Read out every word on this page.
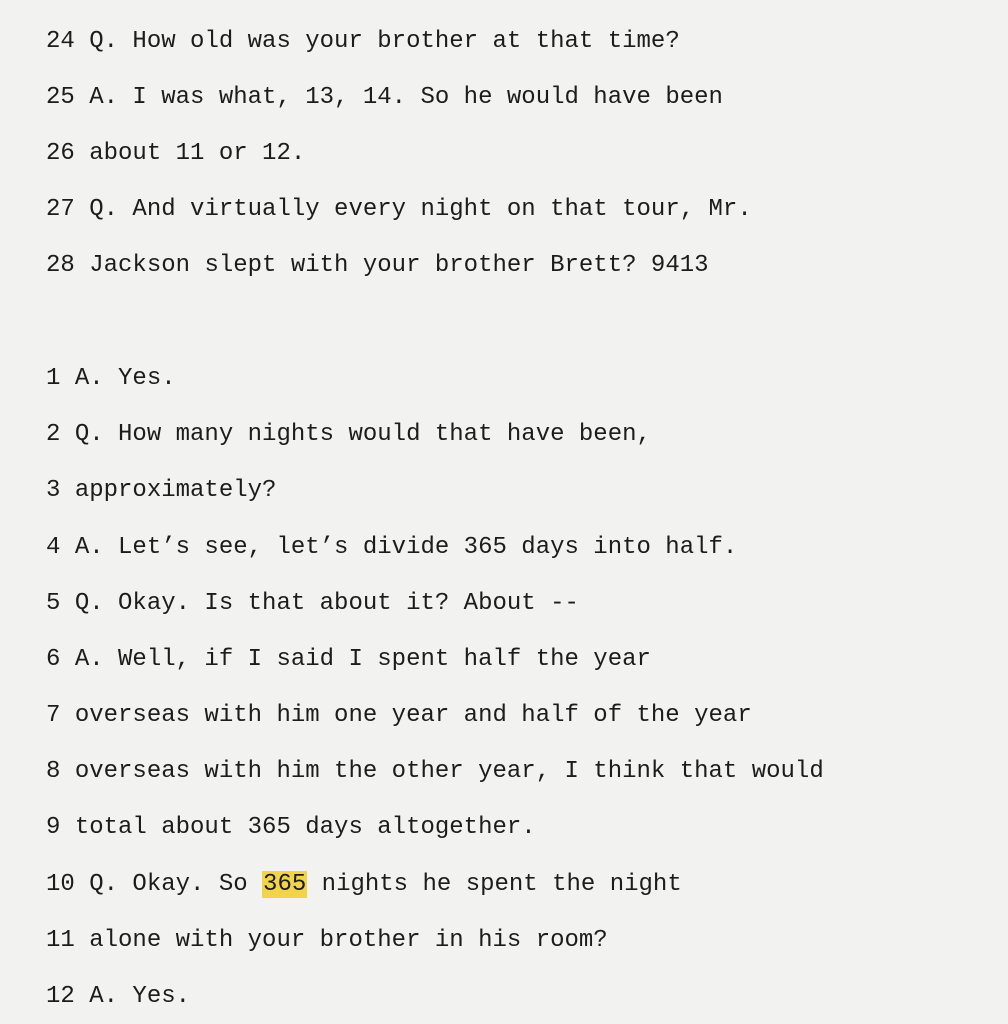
24 Q. How old was your brother at that time?
25 A. I was what, 13, 14. So he would have been
26 about 11 or 12.
27 Q. And virtually every night on that tour, Mr.
28 Jackson slept with your brother Brett? 9413
1 A. Yes.
2 Q. How many nights would that have been,
3 approximately?
4 A. Let’s see, let’s divide 365 days into half.
5 Q. Okay. Is that about it? About --
6 A. Well, if I said I spent half the year
7 overseas with him one year and half of the year
8 overseas with him the other year, I think that would
9 total about 365 days altogether.
10 Q. Okay. So 365 nights he spent the night
11 alone with your brother in his room?
12 A. Yes.
